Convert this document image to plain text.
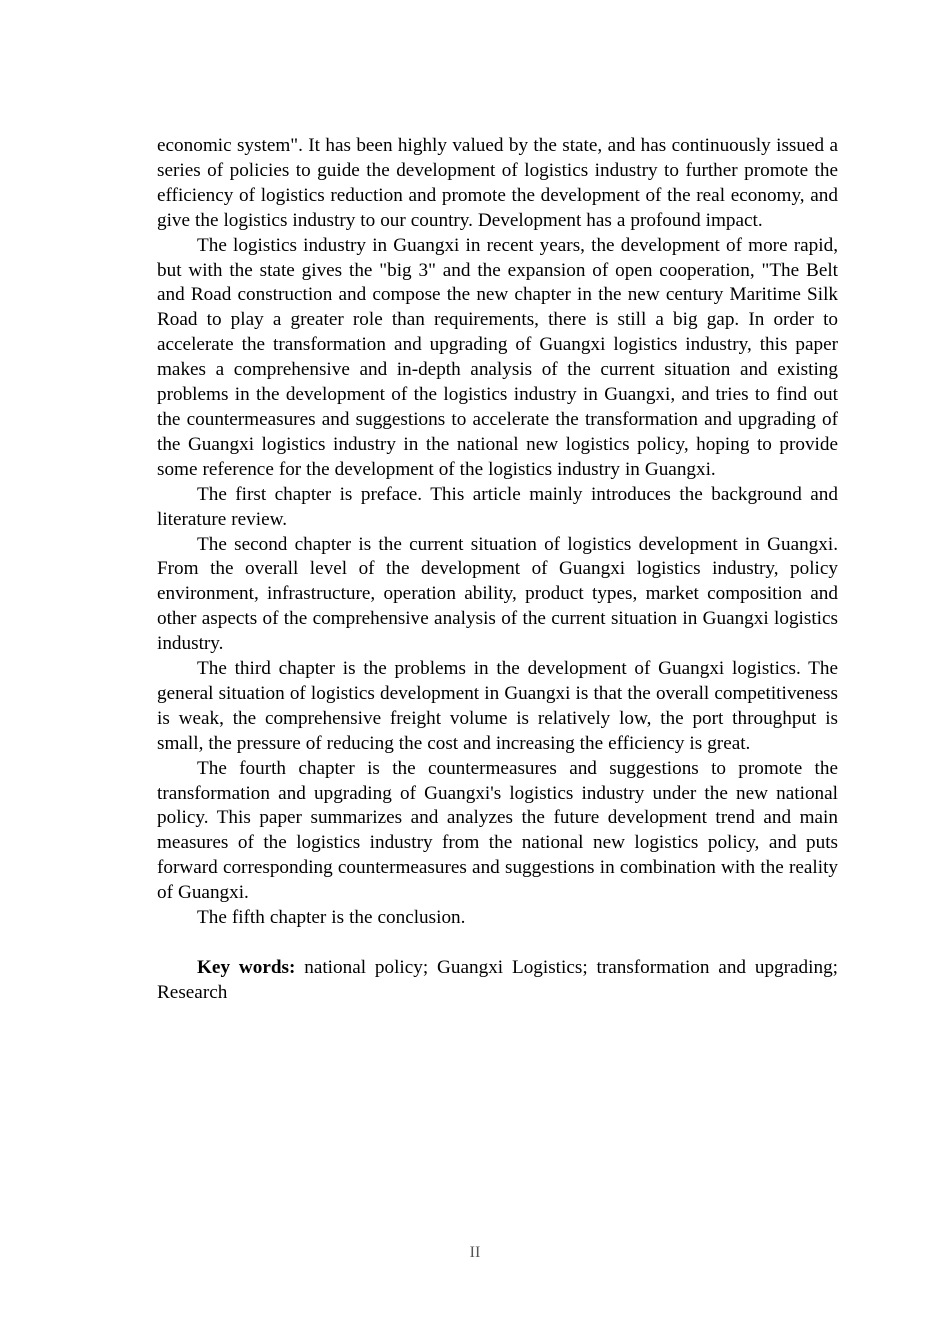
economic system". It has been highly valued by the state, and has continuously issued a series of policies to guide the development of logistics industry to further promote the efficiency of logistics reduction and promote the development of the real economy, and give the logistics industry to our country. Development has a profound impact.

The logistics industry in Guangxi in recent years, the development of more rapid, but with the state gives the "big 3" and the expansion of open cooperation, "The Belt and Road construction and compose the new chapter in the new century Maritime Silk Road to play a greater role than requirements, there is still a big gap. In order to accelerate the transformation and upgrading of Guangxi logistics industry, this paper makes a comprehensive and in-depth analysis of the current situation and existing problems in the development of the logistics industry in Guangxi, and tries to find out the countermeasures and suggestions to accelerate the transformation and upgrading of the Guangxi logistics industry in the national new logistics policy, hoping to provide some reference for the development of the logistics industry in Guangxi.

The first chapter is preface. This article mainly introduces the background and literature review.

The second chapter is the current situation of logistics development in Guangxi. From the overall level of the development of Guangxi logistics industry, policy environment, infrastructure, operation ability, product types, market composition and other aspects of the comprehensive analysis of the current situation in Guangxi logistics industry.

The third chapter is the problems in the development of Guangxi logistics. The general situation of logistics development in Guangxi is that the overall competitiveness is weak, the comprehensive freight volume is relatively low, the port throughput is small, the pressure of reducing the cost and increasing the efficiency is great.

The fourth chapter is the countermeasures and suggestions to promote the transformation and upgrading of Guangxi's logistics industry under the new national policy. This paper summarizes and analyzes the future development trend and main measures of the logistics industry from the national new logistics policy, and puts forward corresponding countermeasures and suggestions in combination with the reality of Guangxi.

The fifth chapter is the conclusion.

Key words: national policy; Guangxi Logistics; transformation and upgrading; Research

II
